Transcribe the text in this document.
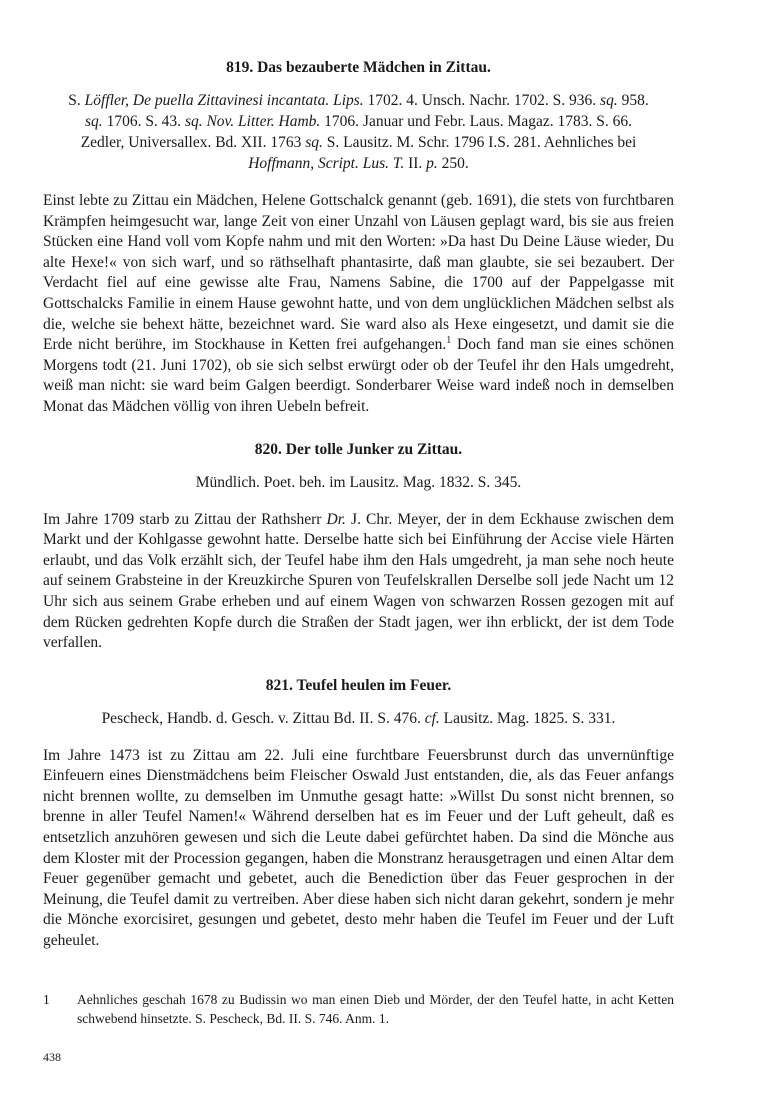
819. Das bezauberte Mädchen in Zittau.

S. Löffler, De puella Zittavinesi incantata. Lips. 1702. 4. Unsch. Nachr. 1702. S. 936. sq. 958. sq. 1706. S. 43. sq. Nov. Litter. Hamb. 1706. Januar und Febr. Laus. Magaz. 1783. S. 66. Zedler, Universallex. Bd. XII. 1763 sq. S. Lausitz. M. Schr. 1796 I.S. 281. Aehnliches bei Hoffmann, Script. Lus. T. II. p. 250.

Einst lebte zu Zittau ein Mädchen, Helene Gottschalck genannt (geb. 1691), die stets von furchtbaren Krämpfen heimgesucht war, lange Zeit von einer Unzahl von Läusen geplagt ward, bis sie aus freien Stücken eine Hand voll vom Kopfe nahm und mit den Worten: »Da hast Du Deine Läuse wieder, Du alte Hexe!« von sich warf, und so räthselhaft phantasirte, daß man glaubte, sie sei bezaubert. Der Verdacht fiel auf eine gewisse alte Frau, Namens Sabine, die 1700 auf der Pappelgasse mit Gottschalcks Familie in einem Hause gewohnt hatte, und von dem unglücklichen Mädchen selbst als die, welche sie behext hätte, bezeichnet ward. Sie ward also als Hexe eingesetzt, und damit sie die Erde nicht berühre, im Stockhause in Ketten frei aufgehangen.$^1$ Doch fand man sie eines schönen Morgens todt (21. Juni 1702), ob sie sich selbst erwürgt oder ob der Teufel ihr den Hals umgedreht, weiß man nicht: sie ward beim Galgen beerdigt. Sonderbarer Weise ward indeß noch in demselben Monat das Mädchen völlig von ihren Uebeln befreit.

820. Der tolle Junker zu Zittau.

Mündlich. Poet. beh. im Lausitz. Mag. 1832. S. 345.

Im Jahre 1709 starb zu Zittau der Rathsherr Dr. J. Chr. Meyer, der in dem Eckhause zwischen dem Markt und der Kohlgasse gewohnt hatte. Derselbe hatte sich bei Einführung der Accise viele Härten erlaubt, und das Volk erzählt sich, der Teufel habe ihm den Hals umgedreht, ja man sehe noch heute auf seinem Grabsteine in der Kreuzkirche Spuren von Teufelskrallen Derselbe soll jede Nacht um 12 Uhr sich aus seinem Grabe erheben und auf einem Wagen von schwarzen Rossen gezogen mit auf dem Rücken gedrehten Kopfe durch die Straßen der Stadt jagen, wer ihn erblickt, der ist dem Tode verfallen.

821. Teufel heulen im Feuer.

Pescheck, Handb. d. Gesch. v. Zittau Bd. II. S. 476. cf. Lausitz. Mag. 1825. S. 331.

Im Jahre 1473 ist zu Zittau am 22. Juli eine furchtbare Feuersbrunst durch das unvernünftige Einfeuern eines Dienstmädchens beim Fleischer Oswald Just entstanden, die, als das Feuer anfangs nicht brennen wollte, zu demselben im Unmuthe gesagt hatte: »Willst Du sonst nicht brennen, so brenne in aller Teufel Namen!« Während derselben hat es im Feuer und der Luft geheult, daß es entsetzlich anzuhören gewesen und sich die Leute dabei gefürchtet haben. Da sind die Mönche aus dem Kloster mit der Procession gegangen, haben die Monstranz herausgetragen und einen Altar dem Feuer gegenüber gemacht und gebetet, auch die Benediction über das Feuer gesprochen in der Meinung, die Teufel damit zu vertreiben. Aber diese haben sich nicht daran gekehrt, sondern je mehr die Mönche exorcisiret, gesungen und gebetet, desto mehr haben die Teufel im Feuer und der Luft geheulet.

1	Aehnliches geschah 1678 zu Budissin wo man einen Dieb und Mörder, der den Teufel hatte, in acht Ketten schwebend hinsetzte. S. Pescheck, Bd. II. S. 746. Anm. 1.
438
